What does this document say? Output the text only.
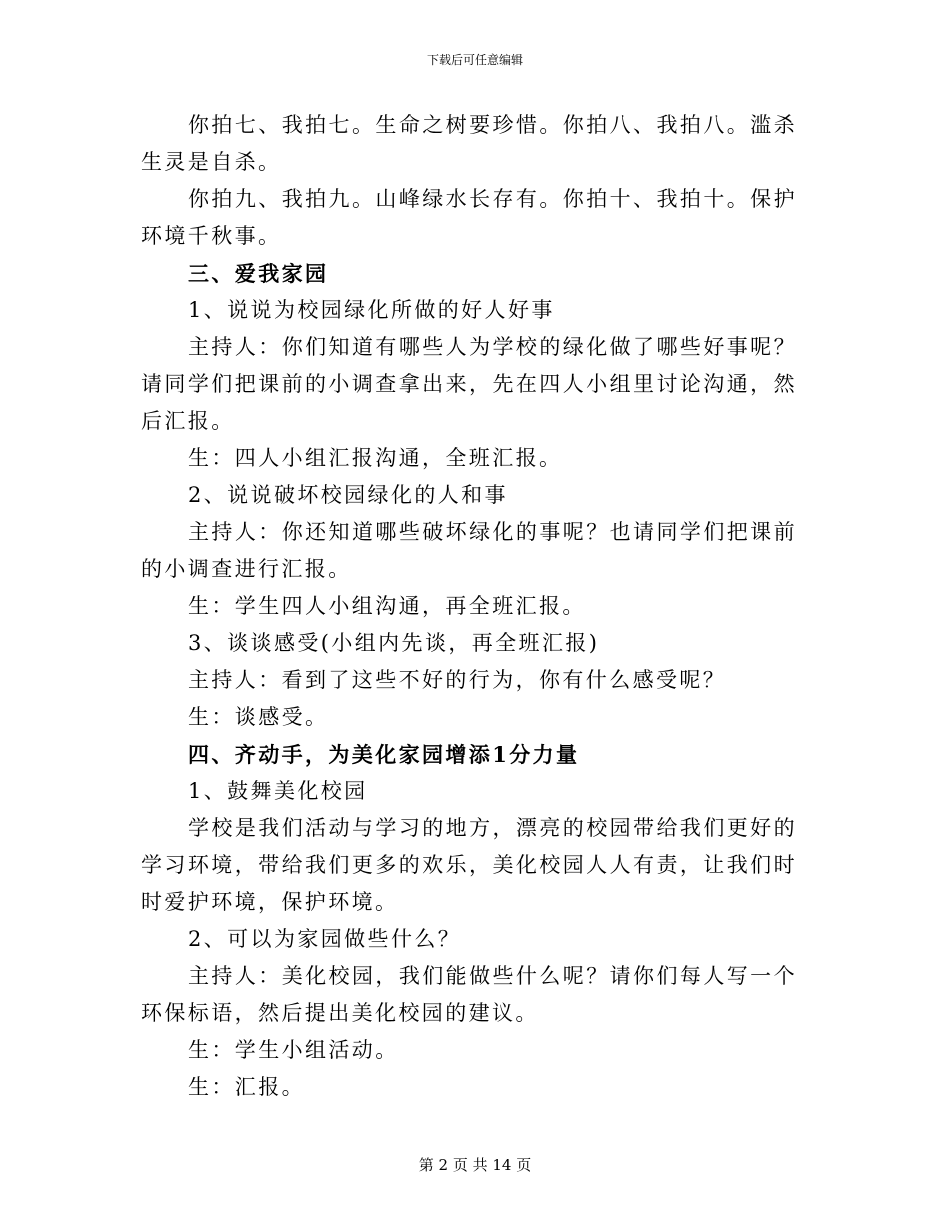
下载后可任意编辑

你拍七、我拍七。生命之树要珍惜。你拍八、我拍八。滥杀生灵是自杀。

你拍九、我拍九。山峰绿水长存有。你拍十、我拍十。保护环境千秋事。

三、爱我家园

1、说说为校园绿化所做的好人好事

主持人：你们知道有哪些人为学校的绿化做了哪些好事呢？请同学们把课前的小调查拿出来，先在四人小组里讨论沟通，然后汇报。

生：四人小组汇报沟通，全班汇报。

2、说说破坏校园绿化的人和事

主持人：你还知道哪些破坏绿化的事呢？也请同学们把课前的小调查进行汇报。

生：学生四人小组沟通，再全班汇报。

3、谈谈感受(小组内先谈，再全班汇报)

主持人：看到了这些不好的行为，你有什么感受呢？

生：谈感受。

四、齐动手，为美化家园增添1分力量

1、鼓舞美化校园

学校是我们活动与学习的地方，漂亮的校园带给我们更好的学习环境，带给我们更多的欢乐，美化校园人人有责，让我们时时爱护环境，保护环境。

2、可以为家园做些什么？

主持人：美化校园，我们能做些什么呢？请你们每人写一个环保标语，然后提出美化校园的建议。

生：学生小组活动。

生：汇报。

第 2 页 共 14 页
